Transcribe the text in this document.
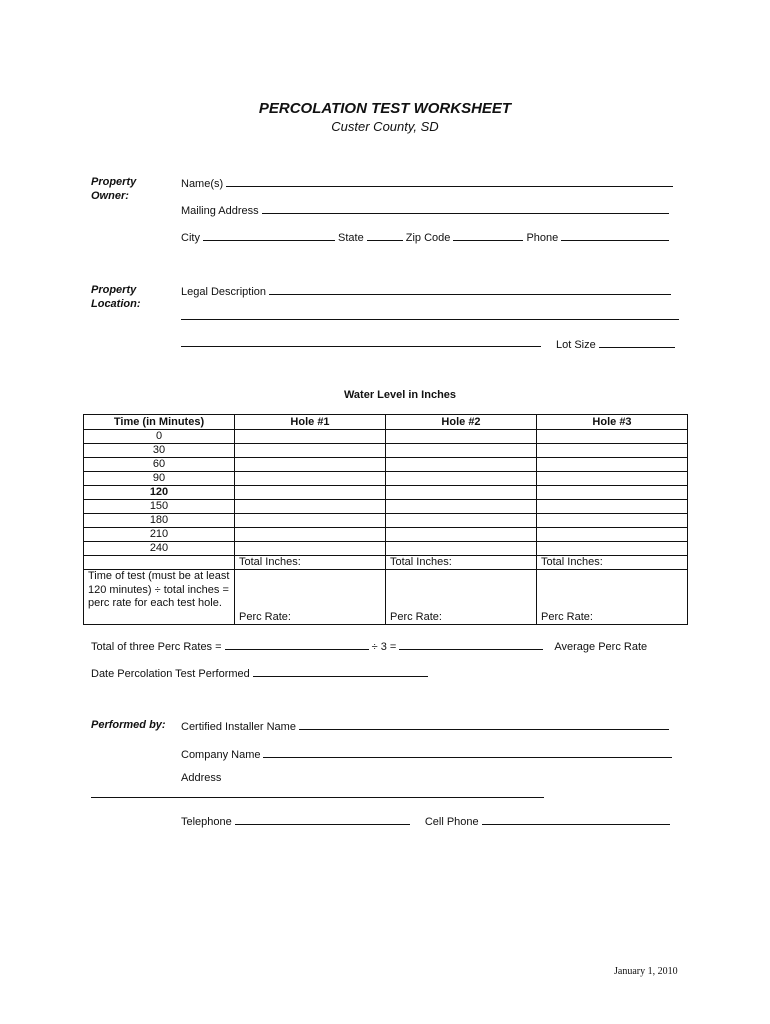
PERCOLATION TEST WORKSHEET
Custer County, SD
Property
Owner:
Name(s)
Mailing Address
City	State	Zip Code	Phone
Property
Location:
Legal Description
Lot Size
Water Level in Inches
Time (in Minutes)	Hole #1	Hole #2	Hole #3
0			
30			
60			
90			
120			
150			
180			
210			
240			
	Total Inches:	Total Inches:	Total Inches:
Time of test (must be at least 120 minutes) ÷ total inches = perc rate for each test hole.	Perc Rate:	Perc Rate:	Perc Rate:
Total of three Perc Rates =	÷ 3 =	Average Perc Rate
Date Percolation Test Performed
Performed by: Certified Installer Name
Company Name
Address
Telephone	Cell Phone
January 1, 2010
